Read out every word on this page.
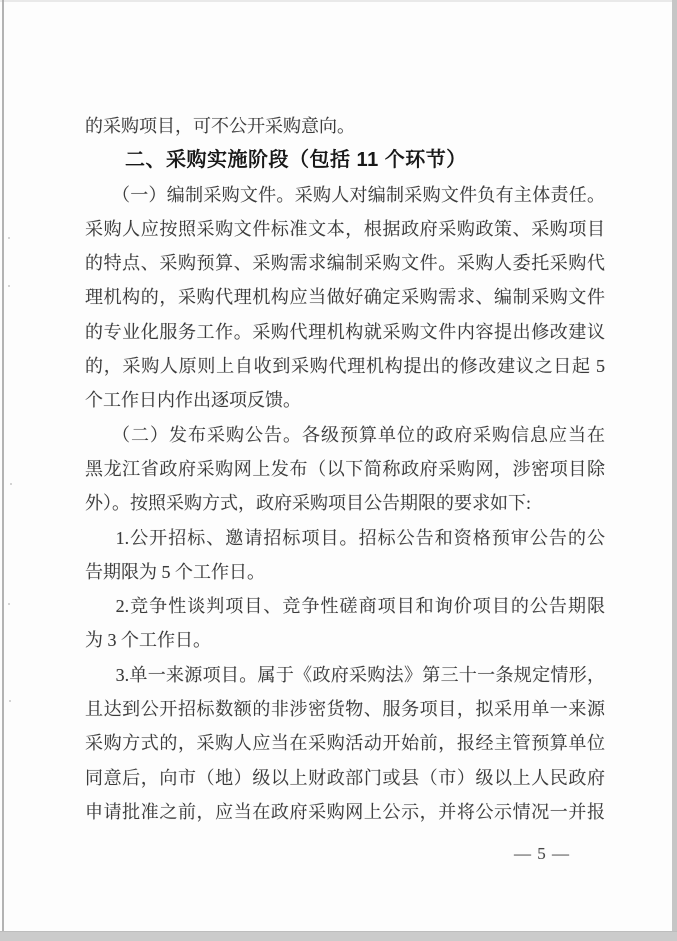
的采购项目，可不公开采购意向。
二、采购实施阶段（包括 11 个环节）
（一）编制采购文件。采购人对编制采购文件负有主体责任。
采购人应按照采购文件标准文本，根据政府采购政策、采购项目
的特点、采购预算、采购需求编制采购文件。采购人委托采购代
理机构的，采购代理机构应当做好确定采购需求、编制采购文件
的专业化服务工作。采购代理机构就采购文件内容提出修改建议
的，采购人原则上自收到采购代理机构提出的修改建议之日起 5
个工作日内作出逐项反馈。
（二）发布采购公告。各级预算单位的政府采购信息应当在
黑龙江省政府采购网上发布（以下简称政府采购网，涉密项目除
外）。按照采购方式，政府采购项目公告期限的要求如下:
1.公开招标、邀请招标项目。招标公告和资格预审公告的公
告期限为 5 个工作日。
2.竞争性谈判项目、竞争性磋商项目和询价项目的公告期限
为 3 个工作日。
3.单一来源项目。属于《政府采购法》第三十一条规定情形，
且达到公开招标数额的非涉密货物、服务项目，拟采用单一来源
采购方式的，采购人应当在采购活动开始前，报经主管预算单位
同意后，向市（地）级以上财政部门或县（市）级以上人民政府
申请批准之前，应当在政府采购网上公示，并将公示情况一并报
— 5 —
